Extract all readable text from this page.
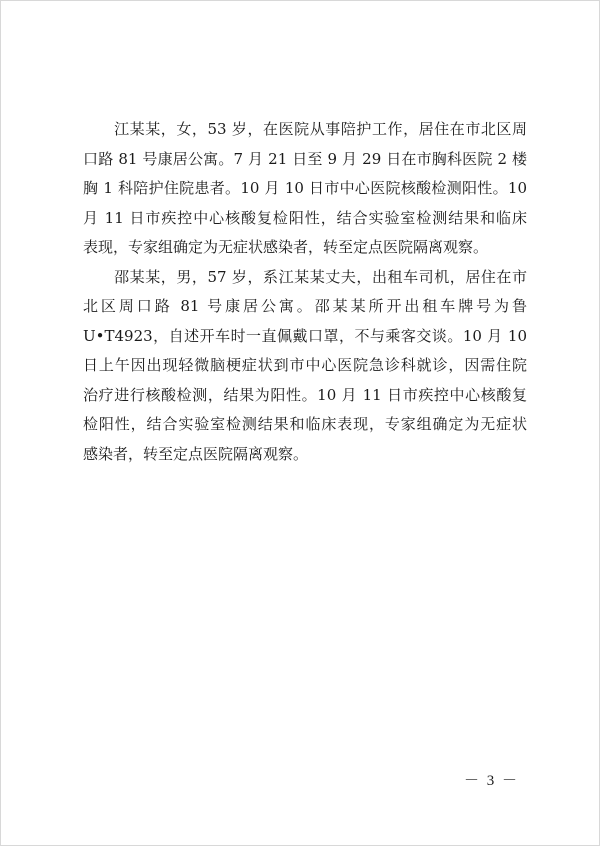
　　江某某，女，53 岁，在医院从事陪护工作，居住在市北区周
口路 81 号康居公寓。7 月 21 日至 9 月 29 日在市胸科医院 2 楼
胸 1 科陪护住院患者。10 月 10 日市中心医院核酸检测阳性。10
月 11 日市疾控中心核酸复检阳性，结合实验室检测结果和临床
表现，专家组确定为无症状感染者，转至定点医院隔离观察。
　　邵某某，男，57 岁，系江某某丈夫，出租车司机，居住在市
北区周口路 81 号康居公寓。邵某某所开出租车牌号为鲁
U•T4923，自述开车时一直佩戴口罩，不与乘客交谈。10 月 10
日上午因出现轻微脑梗症状到市中心医院急诊科就诊，因需住院
治疗进行核酸检测，结果为阳性。10 月 11 日市疾控中心核酸复
检阳性，结合实验室检测结果和临床表现，专家组确定为无症状
感染者，转至定点医院隔离观察。
－ 3 －
